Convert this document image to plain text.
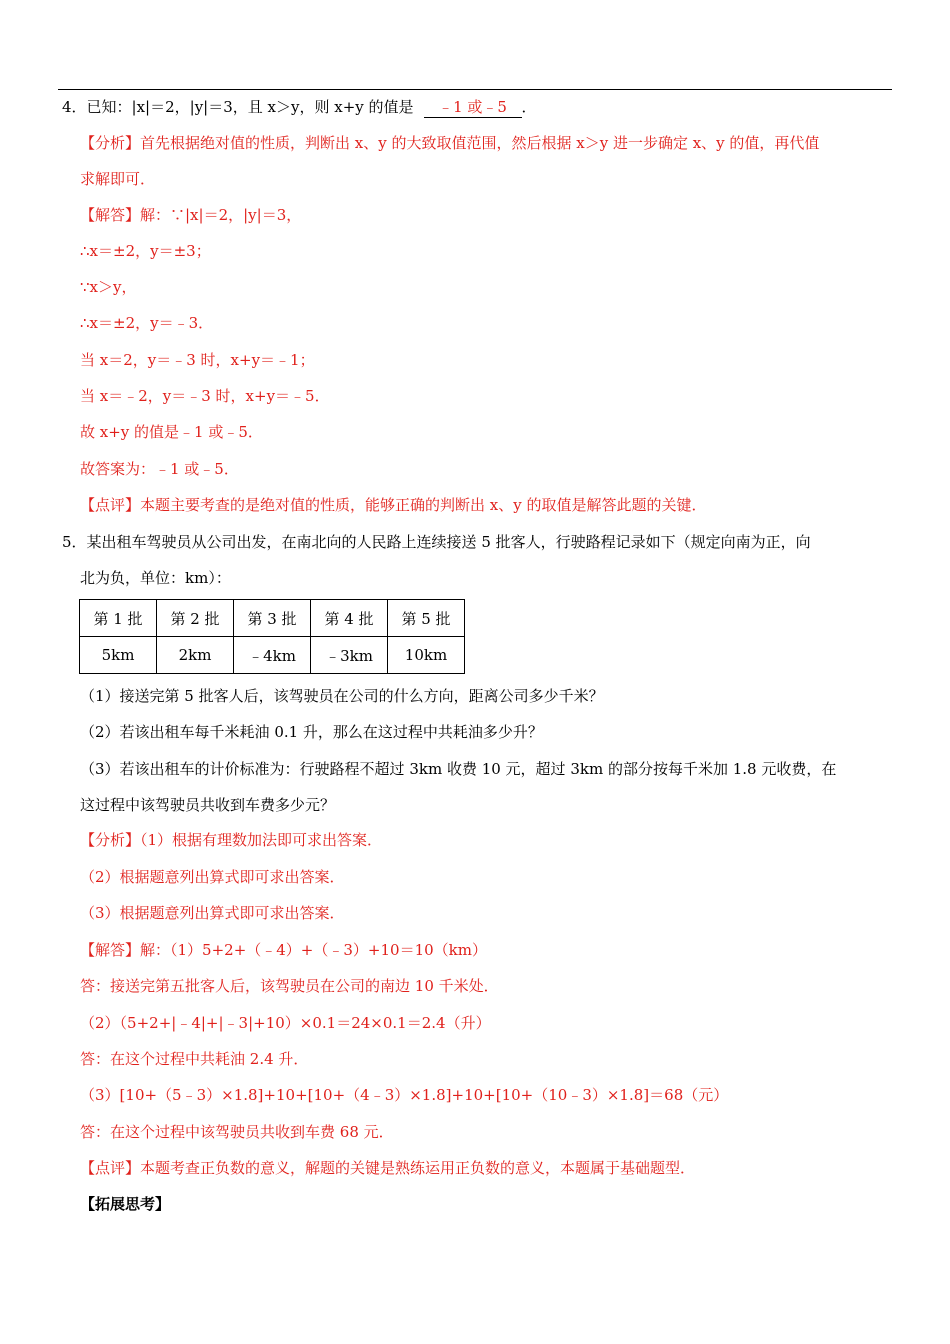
4．已知：|x|＝2，|y|＝3，且 x＞y，则 x+y 的值是 ﹣1 或﹣5 ．
【分析】首先根据绝对值的性质，判断出 x、y 的大致取值范围，然后根据 x＞y 进一步确定 x、y 的值，再代值
求解即可．
【解答】解：∵|x|＝2，|y|＝3，
∴x＝±2，y＝±3；
∵x＞y，
∴x＝±2，y＝﹣3．
当 x＝2，y＝﹣3 时，x+y＝﹣1；
当 x＝﹣2，y＝﹣3 时，x+y＝﹣5．
故 x+y 的值是﹣1 或﹣5．
故答案为：﹣1 或﹣5．
【点评】本题主要考查的是绝对值的性质，能够正确的判断出 x、y 的取值是解答此题的关键．
5．某出租车驾驶员从公司出发，在南北向的人民路上连续接送 5 批客人，行驶路程记录如下（规定向南为正，向
北为负，单位：km）：
第 1 批	第 2 批	第 3 批	第 4 批	第 5 批
5km	2km	﹣4km	﹣3km	10km
（1）接送完第 5 批客人后，该驾驶员在公司的什么方向，距离公司多少千米？
（2）若该出租车每千米耗油 0.1 升，那么在这过程中共耗油多少升？
（3）若该出租车的计价标准为：行驶路程不超过 3km 收费 10 元，超过 3km 的部分按每千米加 1.8 元收费，在
这过程中该驾驶员共收到车费多少元？
【分析】（1）根据有理数加法即可求出答案．
（2）根据题意列出算式即可求出答案．
（3）根据题意列出算式即可求出答案．
【解答】解：（1）5+2+（﹣4）+（﹣3）+10＝10（km）
答：接送完第五批客人后，该驾驶员在公司的南边 10 千米处．
（2）（5+2+|﹣4|+|﹣3|+10）×0.1＝24×0.1＝2.4（升）
答：在这个过程中共耗油 2.4 升．
（3）[10+（5﹣3）×1.8]+10+[10+（4﹣3）×1.8]+10+[10+（10﹣3）×1.8]＝68（元）
答：在这个过程中该驾驶员共收到车费 68 元．
【点评】本题考查正负数的意义，解题的关键是熟练运用正负数的意义，本题属于基础题型．
【拓展思考】
